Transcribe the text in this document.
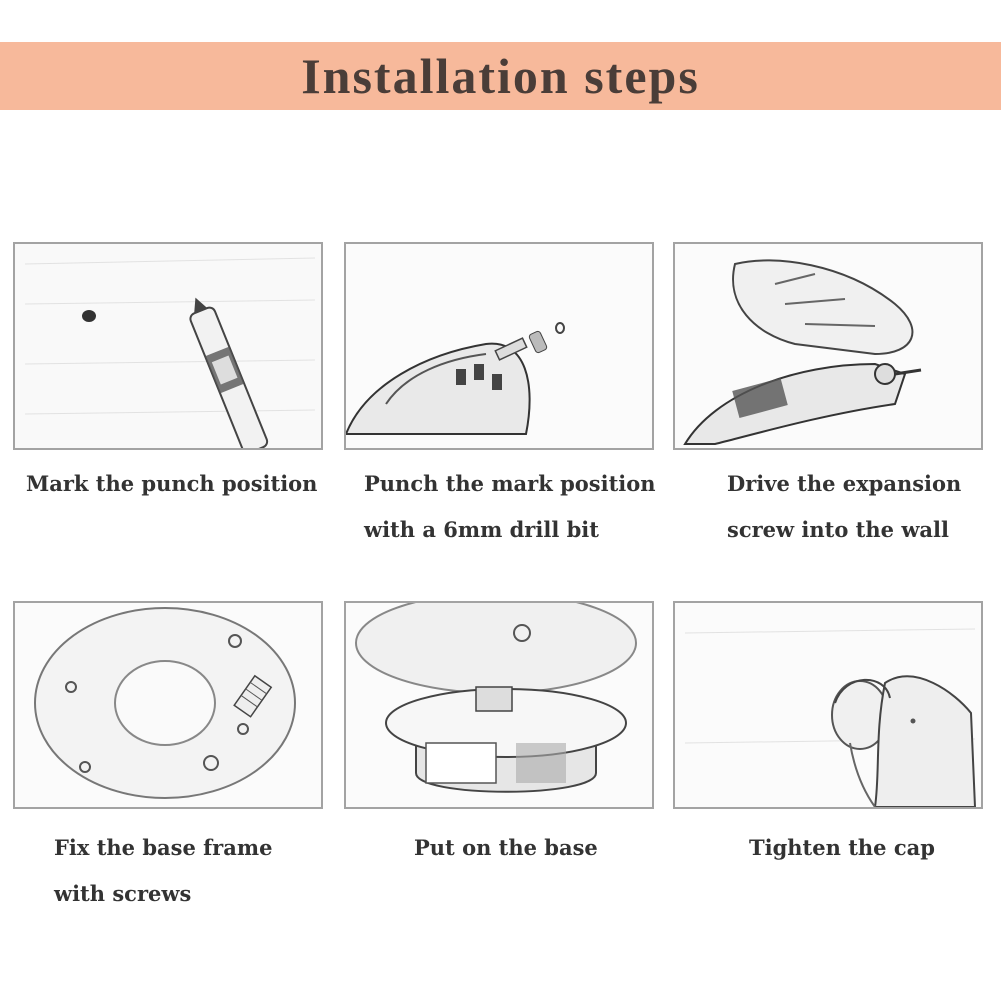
Installation steps
Mark the punch position Punch the mark position
with a 6mm drill bit
Drive the expansion
screw into the wall
Fix the base frame
with screws
Put on the base	Tighten the cap
